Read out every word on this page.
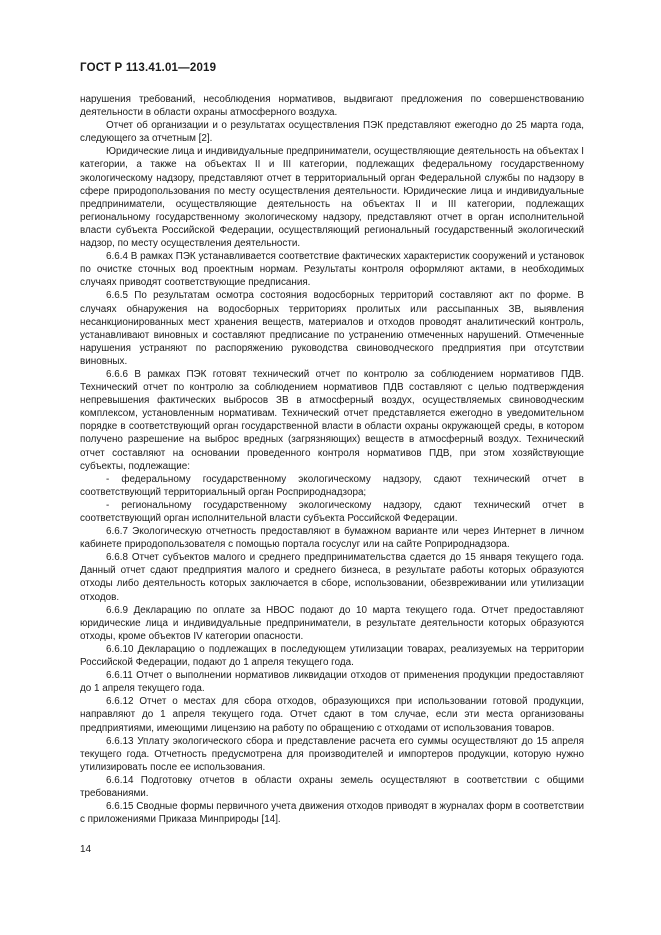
ГОСТ Р 113.41.01—2019

нарушения требований, несоблюдения нормативов, выдвигают предложения по совершенствованию деятельности в области охраны атмосферного воздуха.

Отчет об организации и о результатах осуществления ПЭК представляют ежегодно до 25 марта года, следующего за отчетным [2].

Юридические лица и индивидуальные предприниматели, осуществляющие деятельность на объектах I категории, а также на объектах II и III категории, подлежащих федеральному государственному экологическому надзору, представляют отчет в территориальный орган Федеральной службы по надзору в сфере природопользования по месту осуществления деятельности. Юридические лица и индивидуальные предприниматели, осуществляющие деятельность на объектах II и III категории, подлежащих региональному государственному экологическому надзору, представляют отчет в орган исполнительной власти субъекта Российской Федерации, осуществляющий региональный государственный экологический надзор, по месту осуществления деятельности.

6.6.4 В рамках ПЭК устанавливается соответствие фактических характеристик сооружений и установок по очистке сточных вод проектным нормам. Результаты контроля оформляют актами, в необходимых случаях приводят соответствующие предписания.

6.6.5 По результатам осмотра состояния водосборных территорий составляют акт по форме. В случаях обнаружения на водосборных территориях пролитых или рассыпанных ЗВ, выявления несанкционированных мест хранения веществ, материалов и отходов проводят аналитический контроль, устанавливают виновных и составляют предписание по устранению отмеченных нарушений. Отмеченные нарушения устраняют по распоряжению руководства свиноводческого предприятия при отсутствии виновных.

6.6.6 В рамках ПЭК готовят технический отчет по контролю за соблюдением нормативов ПДВ. Технический отчет по контролю за соблюдением нормативов ПДВ составляют с целью подтверждения непревышения фактических выбросов ЗВ в атмосферный воздух, осуществляемых свиноводческим комплексом, установленным нормативам. Технический отчет представляется ежегодно в уведомительном порядке в соответствующий орган государственной власти в области охраны окружающей среды, в котором получено разрешение на выброс вредных (загрязняющих) веществ в атмосферный воздух. Технический отчет составляют на основании проведенного контроля нормативов ПДВ, при этом хозяйствующие субъекты, подлежащие:

- федеральному государственному экологическому надзору, сдают технический отчет в соответствующий территориальный орган Росприроднадзора;

- региональному государственному экологическому надзору, сдают технический отчет в соответствующий орган исполнительной власти субъекта Российской Федерации.

6.6.7 Экологическую отчетность предоставляют в бумажном варианте или через Интернет в личном кабинете природопользователя с помощью портала госуслуг или на сайте Роприроднадзора.

6.6.8 Отчет субъектов малого и среднего предпринимательства сдается до 15 января текущего года. Данный отчет сдают предприятия малого и среднего бизнеса, в результате работы которых образуются отходы либо деятельность которых заключается в сборе, использовании, обезвреживании или утилизации отходов.

6.6.9 Декларацию по оплате за НВОС подают до 10 марта текущего года. Отчет предоставляют юридические лица и индивидуальные предприниматели, в результате деятельности которых образуются отходы, кроме объектов IV категории опасности.

6.6.10 Декларацию о подлежащих в последующем утилизации товарах, реализуемых на территории Российской Федерации, подают до 1 апреля текущего года.

6.6.11 Отчет о выполнении нормативов ликвидации отходов от применения продукции предоставляют до 1 апреля текущего года.

6.6.12 Отчет о местах для сбора отходов, образующихся при использовании готовой продукции, направляют до 1 апреля текущего года. Отчет сдают в том случае, если эти места организованы предприятиями, имеющими лицензию на работу по обращению с отходами от использования товаров.

6.6.13 Уплату экологического сбора и представление расчета его суммы осуществляют до 15 апреля текущего года. Отчетность предусмотрена для производителей и импортеров продукции, которую нужно утилизировать после ее использования.

6.6.14 Подготовку отчетов в области охраны земель осуществляют в соответствии с общими требованиями.

6.6.15 Сводные формы первичного учета движения отходов приводят в журналах форм в соответствии с приложениями Приказа Минприроды [14].

14
